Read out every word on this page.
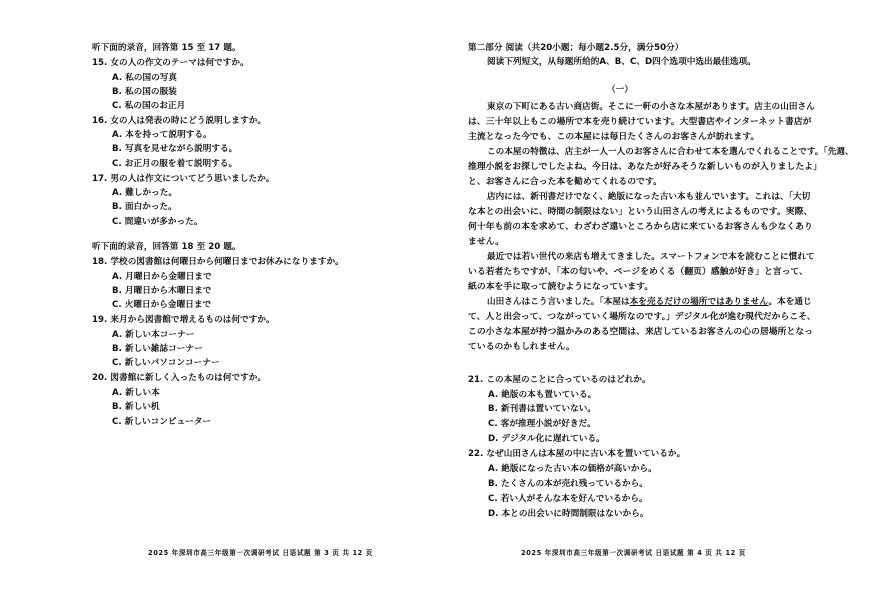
听下面的录音，回答第 15 至 17 题。
15. 女の人の作文のテーマは何ですか。
A. 私の国の写真
B. 私の国の服装
C. 私の国のお正月
16. 女の人は発表の時にどう説明しますか。
A. 本を持って説明する。
B. 写真を見せながら説明する。
C. お正月の服を着て説明する。
17. 男の人は作文についてどう思いましたか。
A. 難しかった。
B. 面白かった。
C. 間違いが多かった。
听下面的录音，回答第 18 至 20 题。
18. 学校の図書館は何曜日から何曜日までお休みになりますか。
A. 月曜日から金曜日まで
B. 月曜日から木曜日まで
C. 火曜日から金曜日まで
19. 来月から図書館で増えるものは何ですか。
A. 新しい本コーナー
B. 新しい雑誌コーナー
C. 新しいパソコンコーナー
20. 図書館に新しく入ったものは何ですか。
A. 新しい本
B. 新しい机
C. 新しいコンピューター
2025 年深圳市高三年级第一次调研考试 日语试题 第 3 页 共 12 页
第二部分 阅读（共20小题；每小题2.5分，满分50分）
阅读下列短文，从每题所给的A、B、C、D四个选项中选出最佳选项。
（一）
東京の下町にある古い商店街。そこに一軒の小さな本屋があります。店主の山田さん
は、三十年以上もこの場所で本を売り続けています。大型書店やインターネット書店が
主流となった今でも、この本屋には毎日たくさんのお客さんが訪れます。
この本屋の特徴は、店主が一人一人のお客さんに合わせて本を選んでくれることです。「先週、
推理小説をお探しでしたよね。今日は、あなたが好みそうな新しいものが入りましたよ」
と、お客さんに合った本を勧めてくれるのです。
店内には、新刊書だけでなく、絶版になった古い本も並んでいます。これは、「大切
な本との出会いに、時間の制限はない」という山田さんの考えによるものです。実際、
何十年も前の本を求めて、わざわざ遠いところから店に来ているお客さんも少なくあり
ません。
最近では若い世代の来店も増えてきました。スマートフォンで本を読むことに慣れて
いる若者たちですが、「本の匂いや、ページをめくる（翻页）感触が好き」と言って、
紙の本を手に取って読むようになっています。
山田さんはこう言いました。「本屋は本を売るだけの場所ではありません。本を通じ
て、人と出会って、つながっていく場所なのです。」デジタル化が進む現代だからこそ、
この小さな本屋が持つ温かみのある空間は、来店しているお客さんの心の居場所となっ
ているのかもしれません。
21. この本屋のことに合っているのはどれか。
A. 絶版の本も置いている。
B. 新刊書は置いていない。
C. 客が推理小説が好きだ。
D. デジタル化に遅れている。
22. なぜ山田さんは本屋の中に古い本を置いているか。
A. 絶版になった古い本の価格が高いから。
B. たくさんの本が売れ残っているから。
C. 若い人がそんな本を好んでいるから。
D. 本との出会いに時間制限はないから。
2025 年深圳市高三年级第一次调研考试 日语试题 第 4 页 共 12 页
